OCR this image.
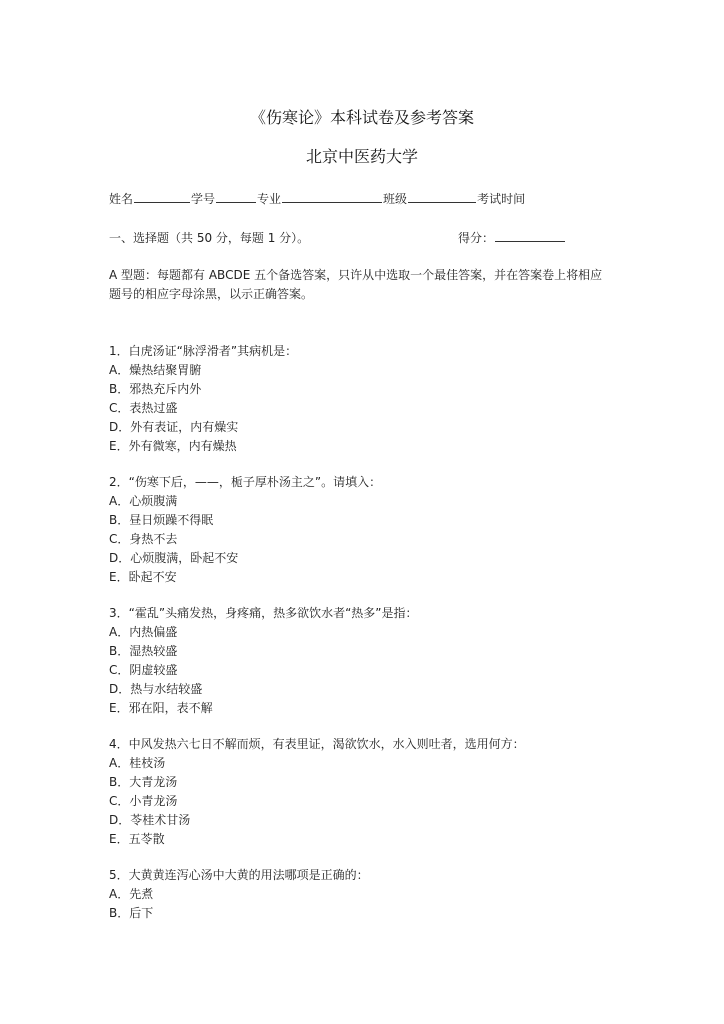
《伤寒论》本科试卷及参考答案
北京中医药大学
姓名	学号	专业	班级	考试时间
一、选择题（共 50 分，每题 1 分）。	得分：
A 型题：每题都有 ABCDE 五个备选答案，只许从中选取一个最佳答案，并在答案卷上将相应题号的相应字母涂黑，以示正确答案。
1．白虎汤证“脉浮滑者”其病机是：
A．燥热结聚胃腑
B．邪热充斥内外
C．表热过盛
D．外有表证，内有燥实
E．外有微寒，内有燥热
2．“伤寒下后，——，栀子厚朴汤主之”。请填入：
A．心烦腹满
B．昼日烦躁不得眠
C．身热不去
D．心烦腹满，卧起不安
E．卧起不安
3．“霍乱”头痛发热，身疼痛，热多欲饮水者“热多”是指：
A．内热偏盛
B．湿热较盛
C．阴虚较盛
D．热与水结较盛
E．邪在阳，表不解
4．中风发热六七日不解而烦，有表里证，渴欲饮水，水入则吐者，选用何方：
A．桂枝汤
B．大青龙汤
C．小青龙汤
D．苓桂术甘汤
E．五苓散
5．大黄黄连泻心汤中大黄的用法哪项是正确的：
A．先煮
B．后下
